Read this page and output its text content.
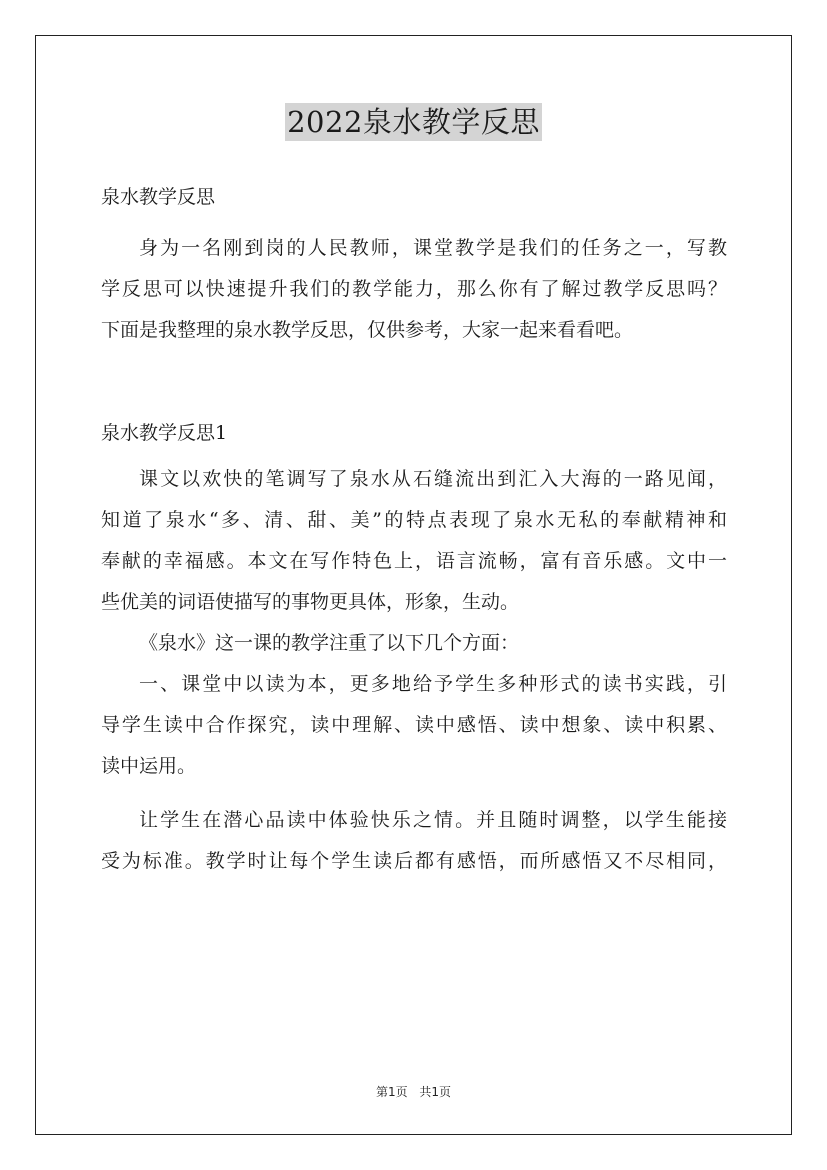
2022泉水教学反思
泉水教学反思
身为一名刚到岗的人民教师，课堂教学是我们的任务之一，写教
学反思可以快速提升我们的教学能力，那么你有了解过教学反思吗？
下面是我整理的泉水教学反思，仅供参考，大家一起来看看吧。
泉水教学反思1
课文以欢快的笔调写了泉水从石缝流出到汇入大海的一路见闻，
知道了泉水“多、清、甜、美”的特点表现了泉水无私的奉献精神和
奉献的幸福感。本文在写作特色上，语言流畅，富有音乐感。文中一
些优美的词语使描写的事物更具体，形象，生动。
《泉水》这一课的教学注重了以下几个方面：
一、课堂中以读为本，更多地给予学生多种形式的读书实践，引
导学生读中合作探究，读中理解、读中感悟、读中想象、读中积累、
读中运用。
让学生在潜心品读中体验快乐之情。并且随时调整，以学生能接
受为标准。教学时让每个学生读后都有感悟，而所感悟又不尽相同，
第1页 共1页
